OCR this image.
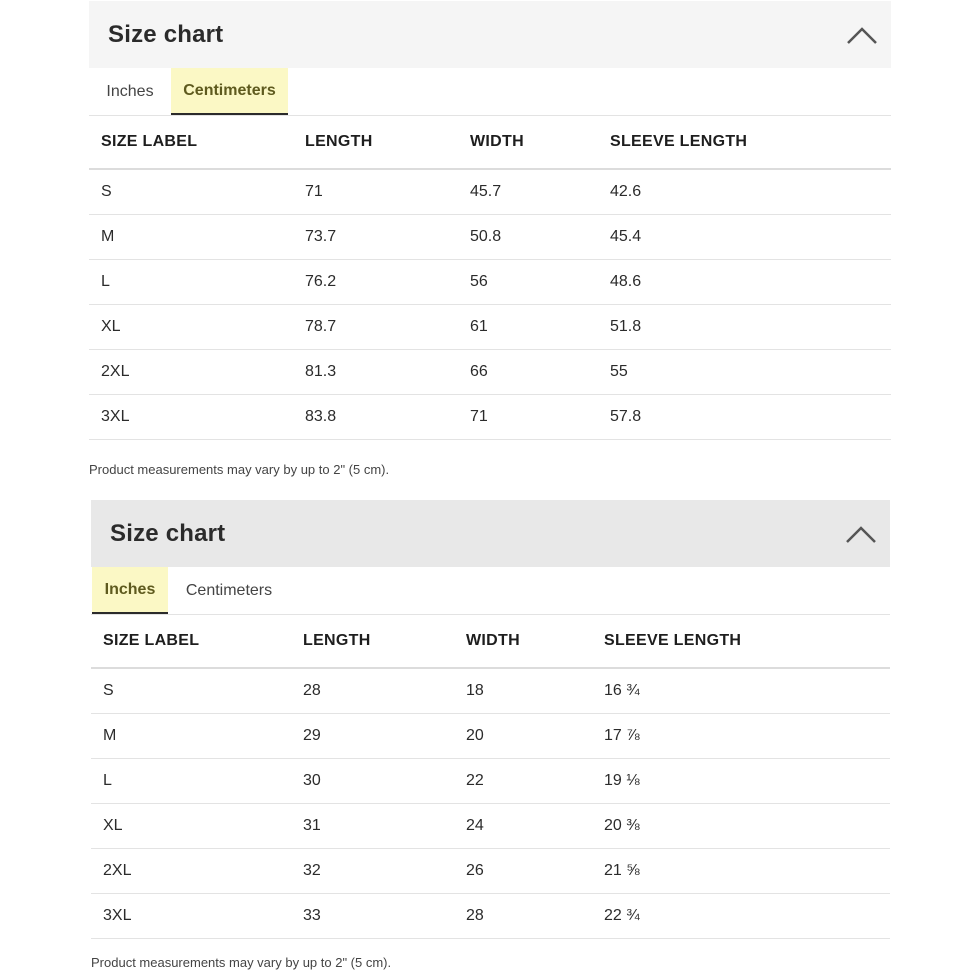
Size chart
Inches	Centimeters
SIZE LABEL	LENGTH	WIDTH	SLEEVE LENGTH
S	71	45.7	42.6
M	73.7	50.8	45.4
L	76.2	56	48.6
XL	78.7	61	51.8
2XL	81.3	66	55
3XL	83.8	71	57.8
Product measurements may vary by up to 2" (5 cm).
Size chart
Inches	Centimeters
SIZE LABEL	LENGTH	WIDTH	SLEEVE LENGTH
S	28	18	16 ¾
M	29	20	17 ⅞
L	30	22	19 ⅛
XL	31	24	20 ⅜
2XL	32	26	21 ⅝
3XL	33	28	22 ¾
Product measurements may vary by up to 2" (5 cm).
